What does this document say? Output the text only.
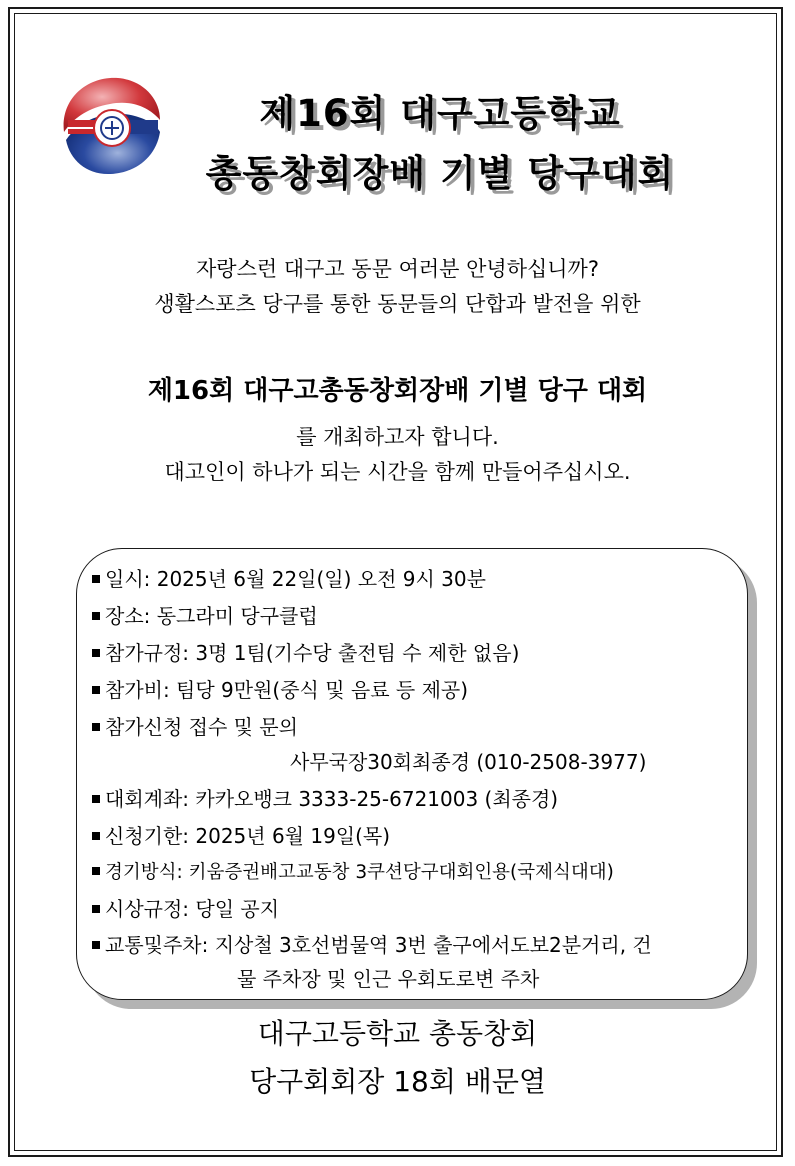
제16회 대구고등학교
총동창회장배 기별 당구대회
자랑스런 대구고 동문 여러분 안녕하십니까?
생활스포츠 당구를 통한 동문들의 단합과 발전을 위한
제16회 대구고총동창회장배 기별 당구 대회
를 개최하고자 합니다.
대고인이 하나가 되는 시간을 함께 만들어주십시오.
일시: 2025년 6월 22일(일) 오전 9시 30분
장소: 동그라미 당구클럽
참가규정: 3명 1팀(기수당 출전팀 수 제한 없음)
참가비: 팀당 9만원(중식 및 음료 등 제공)
참가신청 접수 및 문의
사무국장30회최종경 (010-2508-3977)
대회계좌: 카카오뱅크 3333-25-6721003 (최종경)
신청기한: 2025년 6월 19일(목)
경기방식: 키움증권배고교동창 3쿠션당구대회인용(국제식대대)
시상규정: 당일 공지
교통및주차: 지상철 3호선범물역 3번 출구에서도보2분거리, 건
물 주차장 및 인근 우회도로변 주차
대구고등학교 총동창회
당구회회장 18회 배문열
